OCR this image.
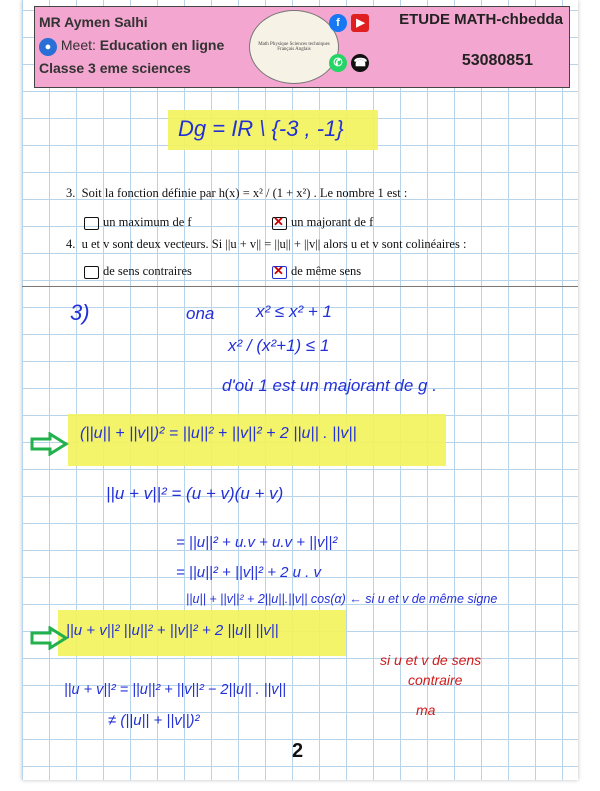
MR Aymen Salhi
● Meet: Education en ligne
Classe 3 eme sciences
Math Physique Sciences techniques Français Anglais
f ▶
✆ ☎
ETUDE MATH-chbedda
53080851
Dg = IR \ {-3 , -1}
3. Soit la fonction définie par h(x) = x² / (1 + x²) . Le nombre 1 est :
un maximum de f ✕	un majorant de f
4. u et v sont deux vecteurs. Si ||u + v|| = ||u|| + ||v|| alors u et v sont colinéaires :
de sens contraires ✕	de même sens
3)	ona x² ≤ x² + 1
x² / (x²+1) ≤ 1
d'où 1 est un majorant de g .
(||u|| + ||v||)² = ||u||² + ||v||² + 2 ||u|| . ||v||
||u + v||² = (u + v)(u + v)
= ||u||² + u.v + u.v + ||v||²
= ||u||² + ||v||² + 2 u . v
||u|| + ||v||² + 2||u||.||v|| cos(α) ← si u et v de même signe
||u + v||² ||u||² + ||v||² + 2 ||u|| ||v||
si u et v de sens
contraire
ma
||u + v||² = ||u||² + ||v||² − 2||u|| . ||v||
≠ (||u|| + ||v||)²
2
